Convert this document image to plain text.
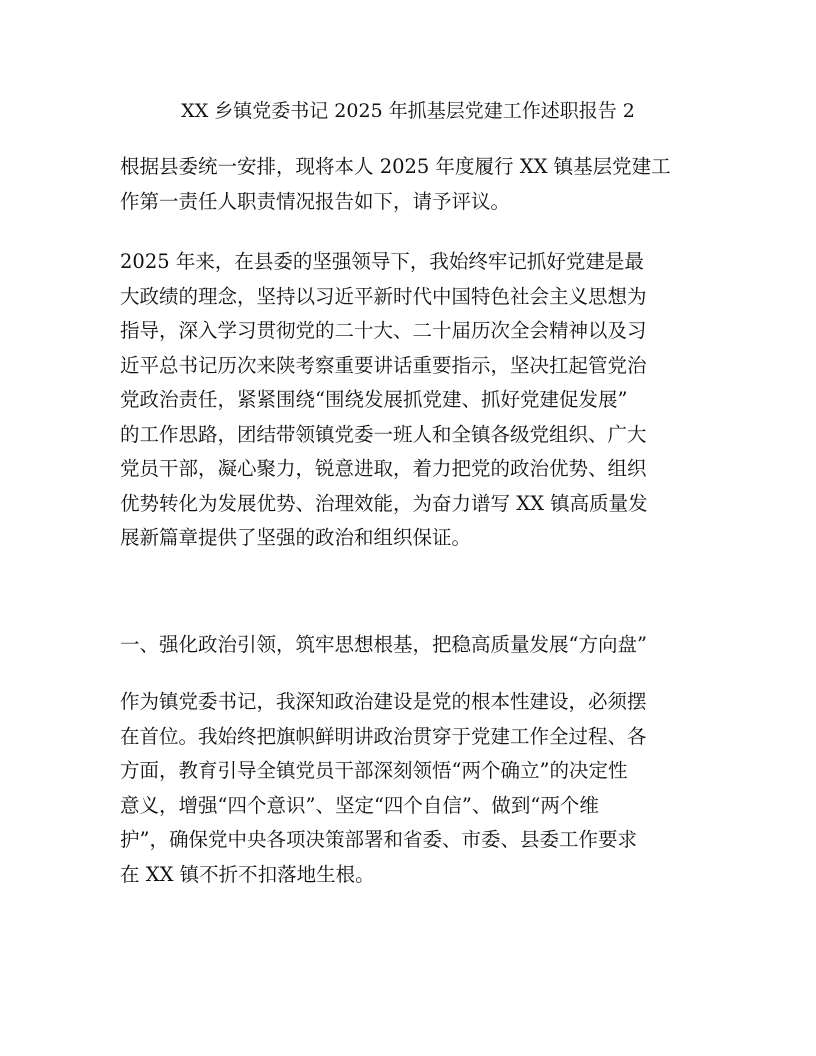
XX 乡镇党委书记 2025 年抓基层党建工作述职报告 2
根据县委统一安排，现将本人 2025 年度履行 XX 镇基层党建工
作第一责任人职责情况报告如下，请予评议。
2025 年来，在县委的坚强领导下，我始终牢记抓好党建是最
大政绩的理念，坚持以习近平新时代中国特色社会主义思想为
指导，深入学习贯彻党的二十大、二十届历次全会精神以及习
近平总书记历次来陕考察重要讲话重要指示，坚决扛起管党治
党政治责任，紧紧围绕“围绕发展抓党建、抓好党建促发展”
的工作思路，团结带领镇党委一班人和全镇各级党组织、广大
党员干部，凝心聚力，锐意进取，着力把党的政治优势、组织
优势转化为发展优势、治理效能，为奋力谱写 XX 镇高质量发
展新篇章提供了坚强的政治和组织保证。
一、强化政治引领，筑牢思想根基，把稳高质量发展“方向盘”
作为镇党委书记，我深知政治建设是党的根本性建设，必须摆
在首位。我始终把旗帜鲜明讲政治贯穿于党建工作全过程、各
方面，教育引导全镇党员干部深刻领悟“两个确立”的决定性
意义，增强“四个意识”、坚定“四个自信”、做到“两个维
护”，确保党中央各项决策部署和省委、市委、县委工作要求
在 XX 镇不折不扣落地生根。
